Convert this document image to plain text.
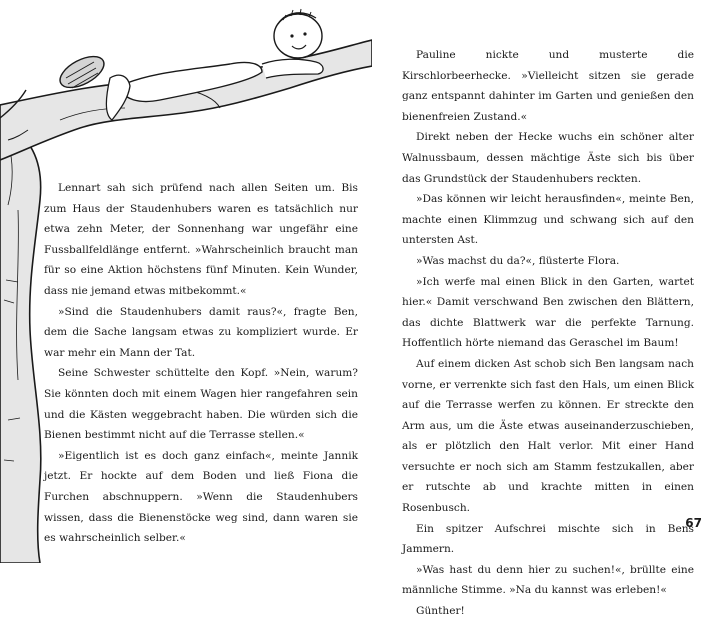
Lennart sah sich prüfend nach allen Seiten um. Bis zum Haus der Staudenhubers waren es tatsächlich nur etwa zehn Meter, der Sonnenhang war ungefähr eine Fussballfeldlänge entfernt. »Wahrscheinlich braucht man für so eine Aktion höchstens fünf Minuten. Kein Wunder, dass nie jemand etwas mitbekommt.«

»Sind die Staudenhubers damit raus?«, fragte Ben, dem die Sache langsam etwas zu kompliziert wurde. Er war mehr ein Mann der Tat.

Seine Schwester schüttelte den Kopf. »Nein, warum? Sie könnten doch mit einem Wagen hier rangefahren sein und die Kästen weggebracht haben. Die würden sich die Bienen bestimmt nicht auf die Terrasse stellen.«

»Eigentlich ist es doch ganz einfach«, meinte Jannik jetzt. Er hockte auf dem Boden und ließ Fiona die Furchen abschnuppern. »Wenn die Staudenhubers wissen, dass die Bienenstöcke weg sind, dann waren sie es wahrscheinlich selber.«

Pauline nickte und musterte die Kirschlorbeerhecke. »Vielleicht sitzen sie gerade ganz entspannt dahinter im Garten und genießen den bienenfreien Zustand.«

Direkt neben der Hecke wuchs ein schöner alter Walnussbaum, dessen mächtige Äste sich bis über das Grundstück der Staudenhubers reckten.

»Das können wir leicht herausfinden«, meinte Ben, machte einen Klimmzug und schwang sich auf den untersten Ast.

»Was machst du da?«, flüsterte Flora.

»Ich werfe mal einen Blick in den Garten, wartet hier.« Damit verschwand Ben zwischen den Blättern, das dichte Blattwerk war die perfekte Tarnung. Hoffentlich hörte niemand das Geraschel im Baum!

Auf einem dicken Ast schob sich Ben langsam nach vorne, er verrenkte sich fast den Hals, um einen Blick auf die Terrasse werfen zu können. Er streckte den Arm aus, um die Äste etwas auseinanderzuschieben, als er plötzlich den Halt verlor. Mit einer Hand versuchte er noch sich am Stamm festzukallen, aber er rutschte ab und krachte mitten in einen Rosenbusch.

Ein spitzer Aufschrei mischte sich in Bens Jammern.

»Was hast du denn hier zu suchen!«, brüllte eine männliche Stimme. »Na du kannst was erleben!«

Günther!

67
